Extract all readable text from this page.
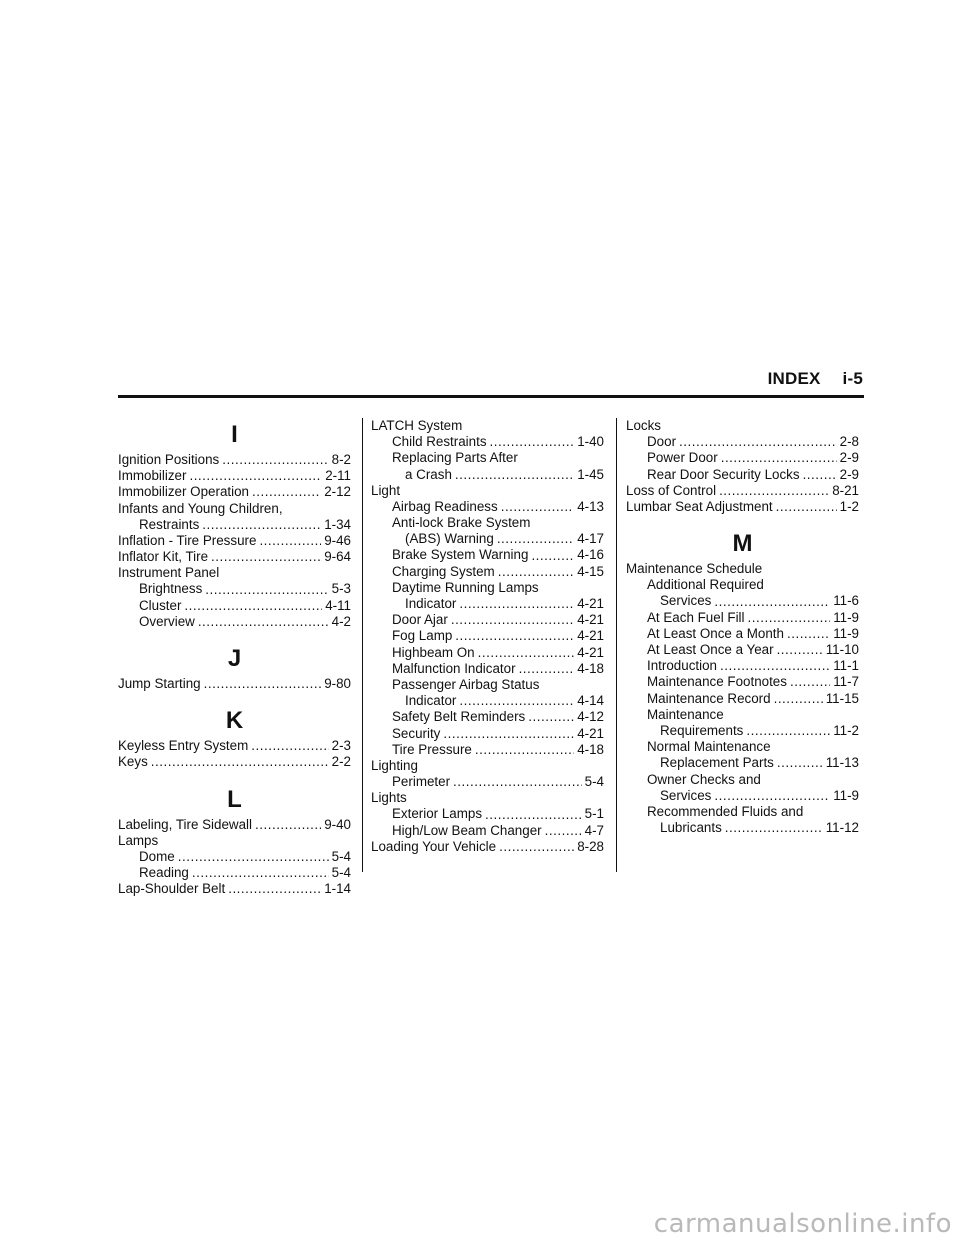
INDEX i-5
I
Ignition Positions . . .	8-2
Immobilizer . . .	2-11
Immobilizer Operation . . .	2-12
Infants and Young Children,
Restraints . . .	1-34
Inflation - Tire Pressure . . .	9-46
Inflator Kit, Tire . . .	9-64
Instrument Panel
Brightness . . .	5-3
Cluster . . .	4-11
Overview . . .	4-2
J
Jump Starting . . .	9-80
K
Keyless Entry System . . .	2-3
Keys . . .	2-2
L
Labeling, Tire Sidewall . . .	9-40
Lamps
Dome . . .	5-4
Reading . . .	5-4
Lap-Shoulder Belt . . .	1-14
LATCH System
Child Restraints . . .	1-40
Replacing Parts After
a Crash . . .	1-45
Light
Airbag Readiness . . .	4-13
Anti-lock Brake System
(ABS) Warning . . .	4-17
Brake System Warning . . .	4-16
Charging System . . .	4-15
Daytime Running Lamps
Indicator . . .	4-21
Door Ajar . . .	4-21
Fog Lamp . . .	4-21
Highbeam On . . .	4-21
Malfunction Indicator . . .	4-18
Passenger Airbag Status
Indicator . . .	4-14
Safety Belt Reminders . . .	4-12
Security . . .	4-21
Tire Pressure . . .	4-18
Lighting
Perimeter . . .	5-4
Lights
Exterior Lamps . . .	5-1
High/Low Beam Changer . . .	4-7
Loading Your Vehicle . . .	8-28
Locks
Door . . .	2-8
Power Door . . .	2-9
Rear Door Security Locks . . .	2-9
Loss of Control . . .	8-21
Lumbar Seat Adjustment . . .	1-2
M
Maintenance Schedule
Additional Required
Services . . .	11-6
At Each Fuel Fill . . .	11-9
At Least Once a Month . . .	11-9
At Least Once a Year . . .	11-10
Introduction . . .	11-1
Maintenance Footnotes . . .	11-7
Maintenance Record . . .	11-15
Maintenance
Requirements . . .	11-2
Normal Maintenance
Replacement Parts . . .	11-13
Owner Checks and
Services . . .	11-9
Recommended Fluids and
Lubricants . . .	11-12
carmanualsonline.info
